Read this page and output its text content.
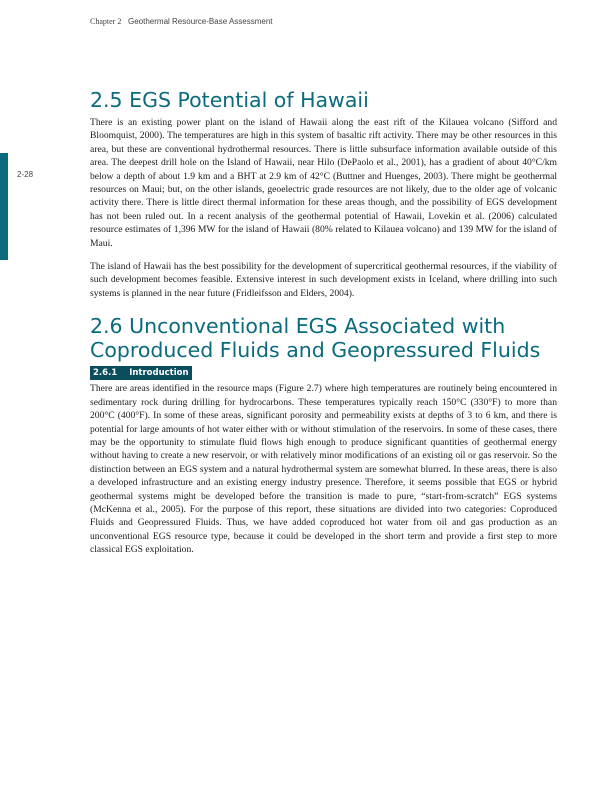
Chapter 2 Geothermal Resource-Base Assessment
2-28
2.5 EGS Potential of Hawaii

There is an existing power plant on the island of Hawaii along the east rift of the Kilauea volcano (Sifford and Bloomquist, 2000). The temperatures are high in this system of basaltic rift activity. There may be other resources in this area, but these are conventional hydrothermal resources. There is little subsurface information available outside of this area. The deepest drill hole on the Island of Hawaii, near Hilo (DePaolo et al., 2001), has a gradient of about 40°C/km below a depth of about 1.9 km and a BHT at 2.9 km of 42°C (Buttner and Huenges, 2003). There might be geothermal resources on Maui; but, on the other islands, geoelectric grade resources are not likely, due to the older age of volcanic activity there. There is little direct thermal information for these areas though, and the possibility of EGS development has not been ruled out. In a recent analysis of the geothermal potential of Hawaii, Lovekin et al. (2006) calculated resource estimates of 1,396 MW for the island of Hawaii (80% related to Kilauea volcano) and 139 MW for the island of Maui.

The island of Hawaii has the best possibility for the development of supercritical geothermal resources, if the viability of such development becomes feasible. Extensive interest in such development exists in Iceland, where drilling into such systems is planned in the near future (Fridleifsson and Elders, 2004).

2.6 Unconventional EGS Associated with
Coproduced Fluids and Geopressured Fluids
2.6.1 Introduction

There are areas identified in the resource maps (Figure 2.7) where high temperatures are routinely being encountered in sedimentary rock during drilling for hydrocarbons. These temperatures typically reach 150°C (330°F) to more than 200°C (400°F). In some of these areas, significant porosity and permeability exists at depths of 3 to 6 km, and there is potential for large amounts of hot water either with or without stimulation of the reservoirs. In some of these cases, there may be the opportunity to stimulate fluid flows high enough to produce significant quantities of geothermal energy without having to create a new reservoir, or with relatively minor modifications of an existing oil or gas reservoir. So the distinction between an EGS system and a natural hydrothermal system are somewhat blurred. In these areas, there is also a developed infrastructure and an existing energy industry presence. Therefore, it seems possible that EGS or hybrid geothermal systems might be developed before the transition is made to pure, “start-from-scratch” EGS systems (McKenna et al., 2005). For the purpose of this report, these situations are divided into two categories: Coproduced Fluids and Geopressured Fluids. Thus, we have added coproduced hot water from oil and gas production as an unconventional EGS resource type, because it could be developed in the short term and provide a first step to more classical EGS exploitation.
